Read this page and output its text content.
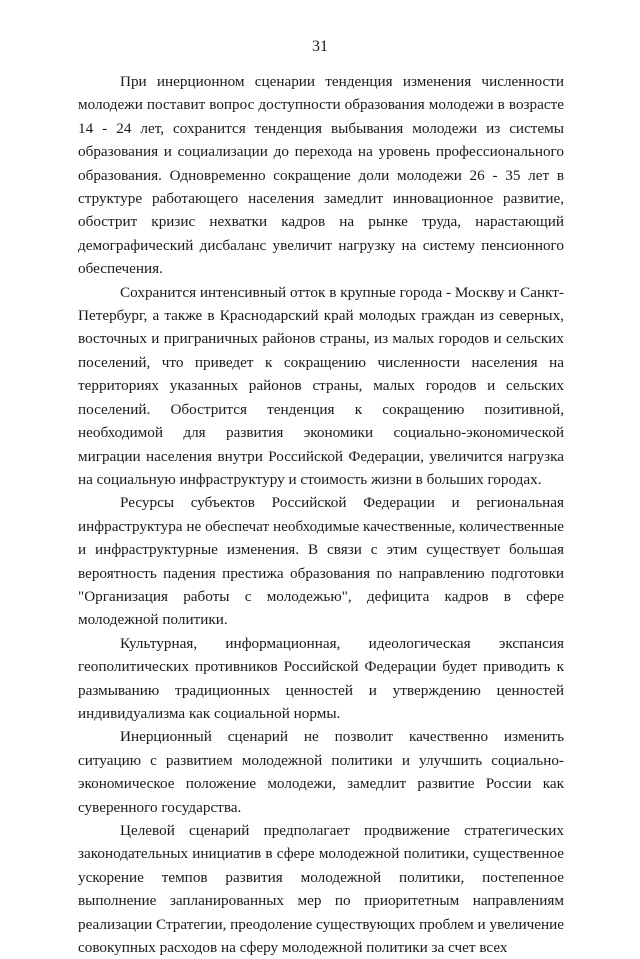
31

При инерционном сценарии тенденция изменения численности молодежи поставит вопрос доступности образования молодежи в возрасте 14 - 24 лет, сохранится тенденция выбывания молодежи из системы образования и социализации до перехода на уровень профессионального образования. Одновременно сокращение доли молодежи 26 - 35 лет в структуре работающего населения замедлит инновационное развитие, обострит кризис нехватки кадров на рынке труда, нарастающий демографический дисбаланс увеличит нагрузку на систему пенсионного обеспечения.

Сохранится интенсивный отток в крупные города - Москву и Санкт-Петербург, а также в Краснодарский край молодых граждан из северных, восточных и приграничных районов страны, из малых городов и сельских поселений, что приведет к сокращению численности населения на территориях указанных районов страны, малых городов и сельских поселений. Обострится тенденция к сокращению позитивной, необходимой для развития экономики социально-экономической миграции населения внутри Российской Федерации, увеличится нагрузка на социальную инфраструктуру и стоимость жизни в больших городах.

Ресурсы субъектов Российской Федерации и региональная инфраструктура не обеспечат необходимые качественные, количественные и инфраструктурные изменения. В связи с этим существует большая вероятность падения престижа образования по направлению подготовки "Организация работы с молодежью", дефицита кадров в сфере молодежной политики.

Культурная, информационная, идеологическая экспансия геополитических противников Российской Федерации будет приводить к размыванию традиционных ценностей и утверждению ценностей индивидуализма как социальной нормы.

Инерционный сценарий не позволит качественно изменить ситуацию с развитием молодежной политики и улучшить социально-экономическое положение молодежи, замедлит развитие России как суверенного государства.

Целевой сценарий предполагает продвижение стратегических законодательных инициатив в сфере молодежной политики, существенное ускорение темпов развития молодежной политики, постепенное выполнение запланированных мер по приоритетным направлениям реализации Стратегии, преодоление существующих проблем и увеличение совокупных расходов на сферу молодежной политики за счет всех
